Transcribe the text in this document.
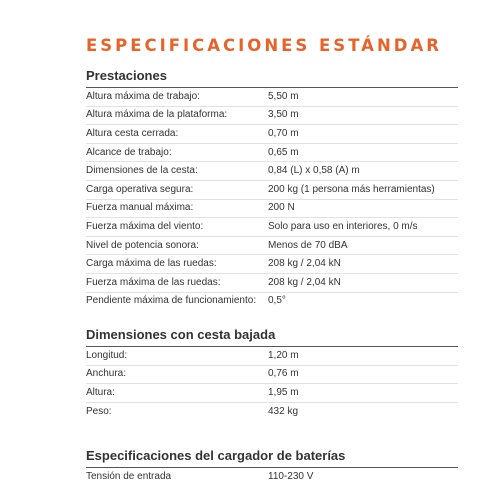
ESPECIFICACIONES ESTÁNDAR
Prestaciones
Altura máxima de trabajo:	5,50 m
Altura máxima de la plataforma:	3,50 m
Altura cesta cerrada:	0,70 m
Alcance de trabajo:	0,65 m
Dimensiones de la cesta:	0,84 (L) x 0,58 (A) m
Carga operativa segura:	200 kg (1 persona más herramientas)
Fuerza manual máxima:	200 N
Fuerza máxima del viento:	Solo para uso en interiores, 0 m/s
Nivel de potencia sonora:	Menos de 70 dBA
Carga máxima de las ruedas:	208 kg / 2,04 kN
Fuerza máxima de las ruedas:	208 kg / 2,04 kN
Pendiente máxima de funcionamiento:	0,5°
Dimensiones con cesta bajada
Longitud:	1,20 m
Anchura:	0,76 m
Altura:	1,95 m
Peso:	432 kg
Especificaciones del cargador de baterías
Tensión de entrada	110-230 V
